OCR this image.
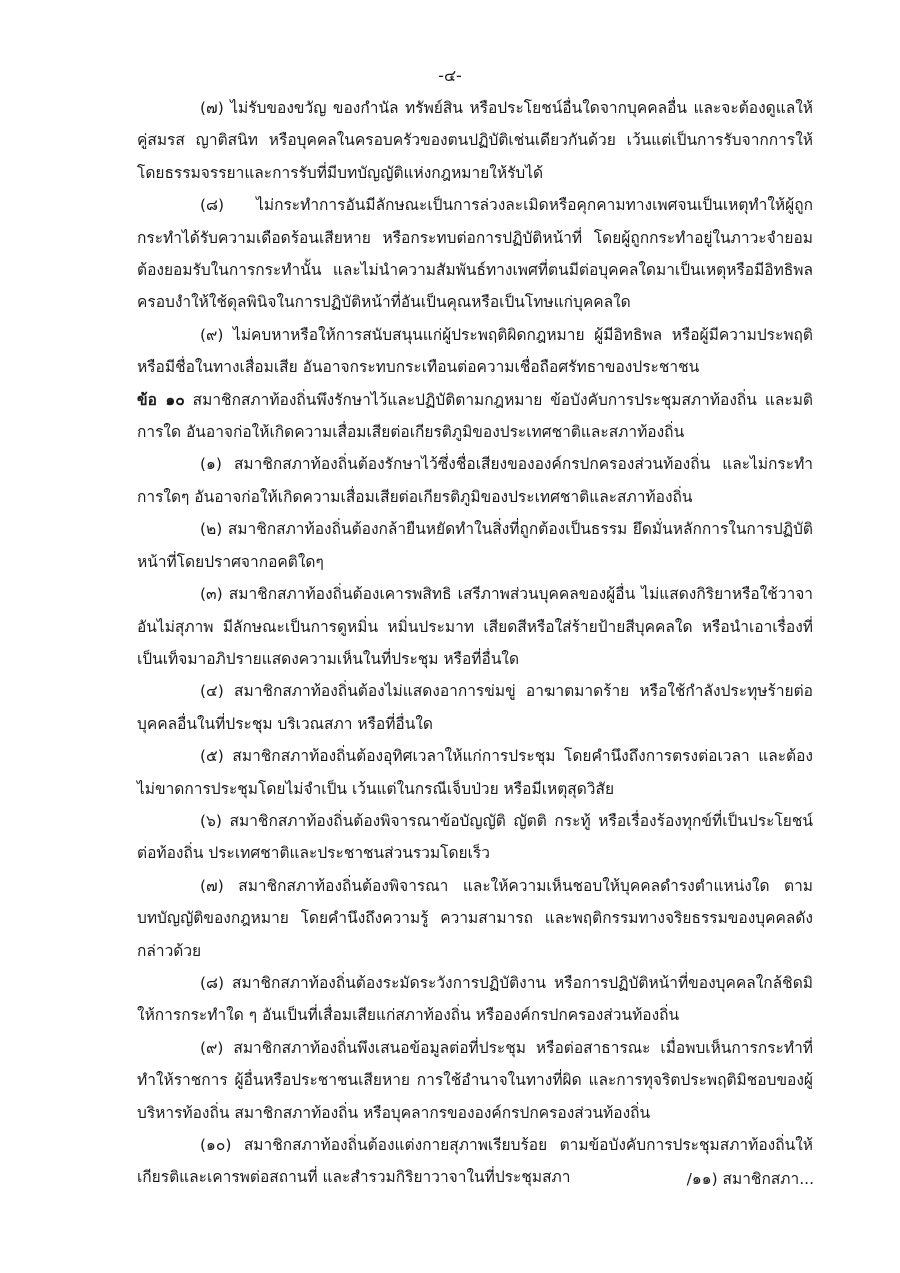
-๔-

(๗) ไม่รับของขวัญ ของกำนัล ทรัพย์สิน หรือประโยชน์อื่นใดจากบุคคลอื่น และจะต้องดูแลให้คู่สมรส ญาติสนิท หรือบุคคลในครอบครัวของตนปฏิบัติเช่นเดียวกันด้วย เว้นแต่เป็นการรับจากการให้โดยธรรมจรรยาและการรับที่มีบทบัญญัติแห่งกฎหมายให้รับได้

(๘) ไม่กระทำการอันมีลักษณะเป็นการล่วงละเมิดหรือคุกคามทางเพศจนเป็นเหตุทำให้ผู้ถูกกระทำได้รับความเดือดร้อนเสียหาย หรือกระทบต่อการปฏิบัติหน้าที่ โดยผู้ถูกกระทำอยู่ในภาวะจำยอมต้องยอมรับในการกระทำนั้น และไม่นำความสัมพันธ์ทางเพศที่ตนมีต่อบุคคลใดมาเป็นเหตุหรือมีอิทธิพลครอบงำให้ใช้ดุลพินิจในการปฏิบัติหน้าที่อันเป็นคุณหรือเป็นโทษแก่บุคคลใด

(๙) ไม่คบหาหรือให้การสนับสนุนแก่ผู้ประพฤติผิดกฎหมาย ผู้มีอิทธิพล หรือผู้มีความประพฤติหรือมีชื่อในทางเสื่อมเสีย อันอาจกระทบกระเทือนต่อความเชื่อถือศรัทธาของประชาชน

ข้อ ๑๐ สมาชิกสภาท้องถิ่นพึงรักษาไว้และปฏิบัติตามกฎหมาย ข้อบังคับการประชุมสภาท้องถิ่น และมติการใด อันอาจก่อให้เกิดความเสื่อมเสียต่อเกียรติภูมิของประเทศชาติและสภาท้องถิ่น

(๑) สมาชิกสภาท้องถิ่นต้องรักษาไว้ซึ่งชื่อเสียงขององค์กรปกครองส่วนท้องถิ่น และไม่กระทำการใดๆ อันอาจก่อให้เกิดความเสื่อมเสียต่อเกียรติภูมิของประเทศชาติและสภาท้องถิ่น

(๒) สมาชิกสภาท้องถิ่นต้องกล้ายืนหยัดทำในสิ่งที่ถูกต้องเป็นธรรม ยึดมั่นหลักการในการปฏิบัติหน้าที่โดยปราศจากอคติใดๆ

(๓) สมาชิกสภาท้องถิ่นต้องเคารพสิทธิ เสรีภาพส่วนบุคคลของผู้อื่น ไม่แสดงกิริยาหรือใช้วาจาอันไม่สุภาพ มีลักษณะเป็นการดูหมิ่น หมิ่นประมาท เสียดสีหรือใส่ร้ายป้ายสีบุคคลใด หรือนำเอาเรื่องที่เป็นเท็จมาอภิปรายแสดงความเห็นในที่ประชุม หรือที่อื่นใด

(๔) สมาชิกสภาท้องถิ่นต้องไม่แสดงอาการข่มขู่ อาฆาตมาดร้าย หรือใช้กำลังประทุษร้ายต่อบุคคลอื่นในที่ประชุม บริเวณสภา หรือที่อื่นใด

(๕) สมาชิกสภาท้องถิ่นต้องอุทิศเวลาให้แก่การประชุม โดยคำนึงถึงการตรงต่อเวลา และต้องไม่ขาดการประชุมโดยไม่จำเป็น เว้นแต่ในกรณีเจ็บป่วย หรือมีเหตุสุดวิสัย

(๖) สมาชิกสภาท้องถิ่นต้องพิจารณาข้อบัญญัติ ญัตติ กระทู้ หรือเรื่องร้องทุกข์ที่เป็นประโยชน์ต่อท้องถิ่น ประเทศชาติและประชาชนส่วนรวมโดยเร็ว

(๗) สมาชิกสภาท้องถิ่นต้องพิจารณา และให้ความเห็นชอบให้บุคคลดำรงตำแหน่งใด ตามบทบัญญัติของกฎหมาย โดยคำนึงถึงความรู้ ความสามารถ และพฤติกรรมทางจริยธรรมของบุคคลดังกล่าวด้วย

(๘) สมาชิกสภาท้องถิ่นต้องระมัดระวังการปฏิบัติงาน หรือการปฏิบัติหน้าที่ของบุคคลใกล้ชิดมิให้การกระทำใด ๆ อันเป็นที่เสื่อมเสียแก่สภาท้องถิ่น หรือองค์กรปกครองส่วนท้องถิ่น

(๙) สมาชิกสภาท้องถิ่นพึงเสนอข้อมูลต่อที่ประชุม หรือต่อสาธารณะ เมื่อพบเห็นการกระทำที่ทำให้ราชการ ผู้อื่นหรือประชาชนเสียหาย การใช้อำนาจในทางที่ผิด และการทุจริตประพฤติมิชอบของผู้บริหารท้องถิ่น สมาชิกสภาท้องถิ่น หรือบุคลากรขององค์กรปกครองส่วนท้องถิ่น

(๑๐) สมาชิกสภาท้องถิ่นต้องแต่งกายสุภาพเรียบร้อย ตามข้อบังคับการประชุมสภาท้องถิ่นให้เกียรติและเคารพต่อสถานที่ และสำรวมกิริยาวาจาในที่ประชุมสภา	/๑๑) สมาชิกสภา...
